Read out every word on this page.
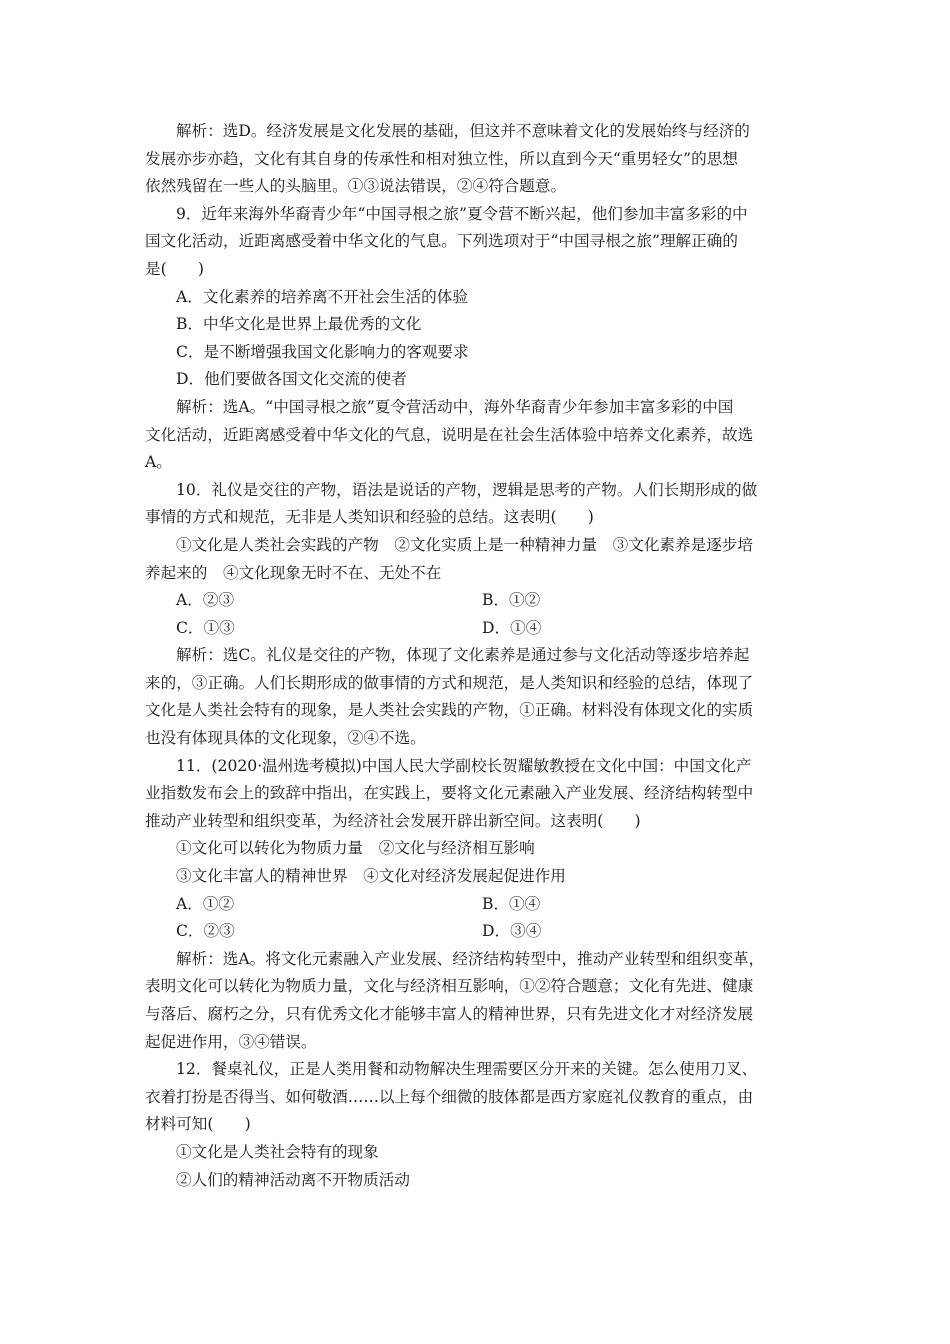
解析：选D。经济发展是文化发展的基础，但这并不意味着文化的发展始终与经济的

发展亦步亦趋，文化有其自身的传承性和相对独立性，所以直到今天“重男轻女”的思想

依然残留在一些人的头脑里。①③说法错误，②④符合题意。

9．近年来海外华裔青少年“中国寻根之旅”夏令营不断兴起，他们参加丰富多彩的中

国文化活动，近距离感受着中华文化的气息。下列选项对于“中国寻根之旅”理解正确的

是(　　)

A．文化素养的培养离不开社会生活的体验

B．中华文化是世界上最优秀的文化

C．是不断增强我国文化影响力的客观要求

D．他们要做各国文化交流的使者

解析：选A。“中国寻根之旅”夏令营活动中，海外华裔青少年参加丰富多彩的中国

文化活动，近距离感受着中华文化的气息，说明是在社会生活体验中培养文化素养，故选

A。

10．礼仪是交往的产物，语法是说话的产物，逻辑是思考的产物。人们长期形成的做

事情的方式和规范，无非是人类知识和经验的总结。这表明(　　)

①文化是人类社会实践的产物　②文化实质上是一种精神力量　③文化素养是逐步培

养起来的　④文化现象无时不在、无处不在

A．②③	B．①②
C．①③	D．①④

解析：选C。礼仪是交往的产物，体现了文化素养是通过参与文化活动等逐步培养起

来的，③正确。人们长期形成的做事情的方式和规范，是人类知识和经验的总结，体现了

文化是人类社会特有的现象，是人类社会实践的产物，①正确。材料没有体现文化的实质

也没有体现具体的文化现象，②④不选。

11．(2020·温州选考模拟)中国人民大学副校长贺耀敏教授在文化中国：中国文化产

业指数发布会上的致辞中指出，在实践上，要将文化元素融入产业发展、经济结构转型中

推动产业转型和组织变革，为经济社会发展开辟出新空间。这表明(　　)

①文化可以转化为物质力量　②文化与经济相互影响

③文化丰富人的精神世界　④文化对经济发展起促进作用

A．①②	B．①④
C．②③	D．③④

解析：选A。将文化元素融入产业发展、经济结构转型中，推动产业转型和组织变革，

表明文化可以转化为物质力量，文化与经济相互影响，①②符合题意；文化有先进、健康

与落后、腐朽之分，只有优秀文化才能够丰富人的精神世界，只有先进文化才对经济发展

起促进作用，③④错误。

12．餐桌礼仪，正是人类用餐和动物解决生理需要区分开来的关键。怎么使用刀叉、

衣着打扮是否得当、如何敬酒……以上每个细微的肢体都是西方家庭礼仪教育的重点，由

材料可知(　　)

①文化是人类社会特有的现象

②人们的精神活动离不开物质活动
